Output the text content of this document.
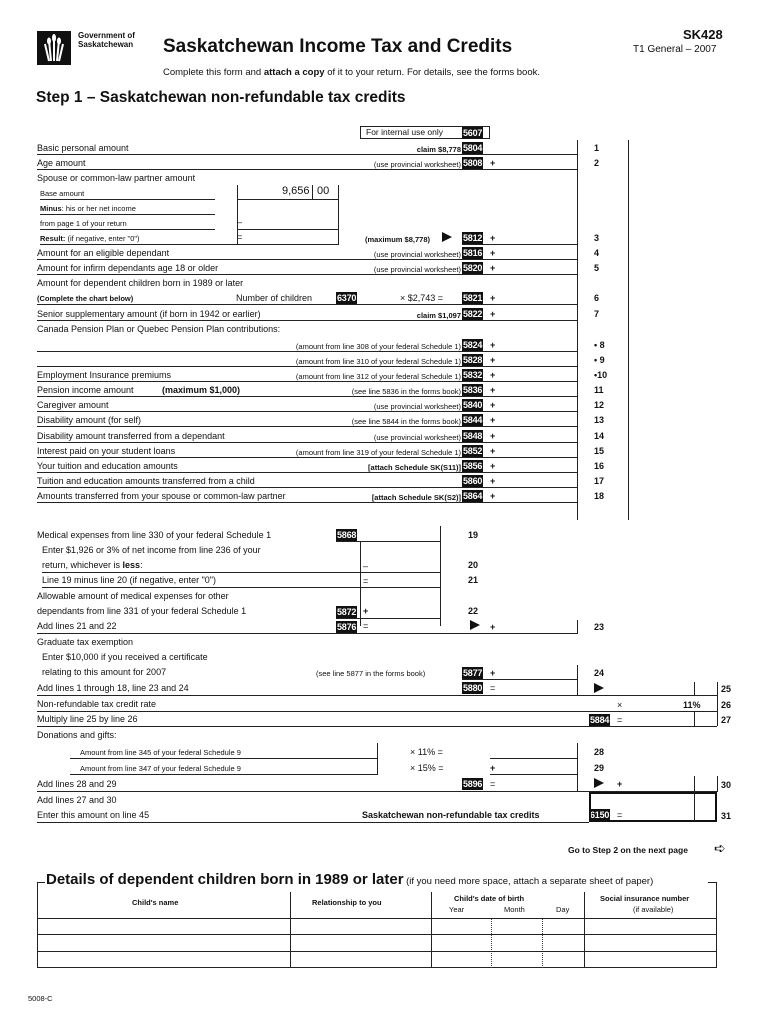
Government of
Saskatchewan Saskatchewan Income Tax and Credits
SK428
T1 General – 2007
Complete this form and attach a copy of it to your return. For details, see the forms book.
Step 1 – Saskatchewan non-refundable tax credits
For internal use only 5607
Basic personal amount	claim $8,778 5804	1
Age amount	(use provincial worksheet) 5808 +	2
Spouse or common-law partner amount
Base amount	9,656 00
Minus: his or her net income
from page 1 of your return	–
Result: (if negative, enter "0")	=	(maximum $8,778)	5812 +	3
Amount for an eligible dependant	(use provincial worksheet) 5816 +	4
Amount for infirm dependants age 18 or older	(use provincial worksheet) 5820 +	5
Amount for dependent children born in 1989 or later
(Complete the chart below)	Number of children	6370	× $2,743 = 5821 +	6
Senior supplementary amount (if born in 1942 or earlier)	claim $1,097 5822 +	7
Canada Pension Plan or Quebec Pension Plan contributions:
(amount from line 308 of your federal Schedule 1) 5824 +	• 8
(amount from line 310 of your federal Schedule 1) 5828 +	• 9
Employment Insurance premiums	(amount from line 312 of your federal Schedule 1) 5832 +	•10
Pension income amount	(maximum $1,000)	(see line 5836 in the forms book) 5836 +	11
Caregiver amount	(use provincial worksheet) 5840 +	12
Disability amount (for self)	(see line 5844 in the forms book) 5844 +	13
Disability amount transferred from a dependant	(use provincial worksheet) 5848 +	14
Interest paid on your student loans	(amount from line 319 of your federal Schedule 1) 5852 +	15
Your tuition and education amounts	[attach Schedule SK(S11)] 5856 +	16
Tuition and education amounts transferred from a child	5860 +	17
Amounts transferred from your spouse or common-law partner	[attach Schedule SK(S2)] 5864 +	18
Medical expenses from line 330 of your federal Schedule 1	5868	19
Enter $1,926 or 3% of net income from line 236 of your
return, whichever is less:	–	20
Line 19 minus line 20 (if negative, enter "0")	=	21
Allowable amount of medical expenses for other
dependants from line 331 of your federal Schedule 1	5872 +	22
Add lines 21 and 22	5876 =	+	23
Graduate tax exemption
Enter $10,000 if you received a certificate
relating to this amount for 2007	(see line 5877 in the forms book)	5877 +	24
Add lines 1 through 18, line 23 and 24	5880 =	25
Non-refundable tax credit rate	×	11% 26
Multiply line 25 by line 26	5884 =	27
Donations and gifts:
Amount from line 345 of your federal Schedule 9	× 11% =	28
Amount from line 347 of your federal Schedule 9	× 15% =	+	29
Add lines 28 and 29	5896 =	+	30
Add lines 27 and 30
Enter this amount on line 45	Saskatchewan non-refundable tax credits	6150 =	31
Go to Step 2 on the next page ➪
Details of dependent children born in 1989 or later (if you need more space, attach a separate sheet of paper)
Child's name	Relationship to you	Child's date of birth
Year	Month	Day
Social insurance number
(if available)
5008-C
